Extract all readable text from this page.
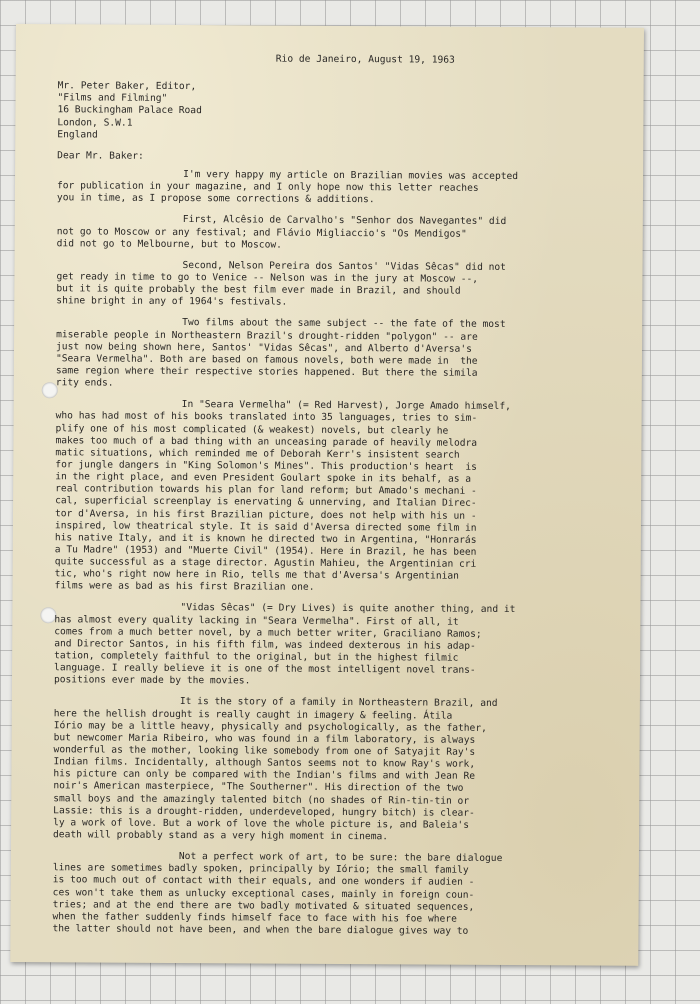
Rio de Janeiro, August 19, 1963
Mr. Peter Baker, Editor,
"Films and Filming"
16 Buckingham Palace Road
London, S.W.1
England
Dear Mr. Baker:
I'm very happy my article on Brazilian movies was accepted
for publication in your magazine, and I only hope now this letter reaches
you in time, as I propose some corrections & additions.
First, Alcêsio de Carvalho's "Senhor dos Navegantes" did
not go to Moscow or any festival; and Flávio Migliaccio's "Os Mendigos"
did not go to Melbourne, but to Moscow.
Second, Nelson Pereira dos Santos' "Vidas Sêcas" did not
get ready in time to go to Venice -- Nelson was in the jury at Moscow --,
but it is quite probably the best film ever made in Brazil, and should
shine bright in any of 1964's festivals.
Two films about the same subject -- the fate of the most
miserable people in Northeastern Brazil's drought-ridden "polygon" -- are
just now being shown here, Santos' "Vidas Sêcas", and Alberto d'Aversa's
"Seara Vermelha". Both are based on famous novels, both were made in  the
same region where their respective stories happened. But there the simila
rity ends.
In "Seara Vermelha" (= Red Harvest), Jorge Amado himself,
who has had most of his books translated into 35 languages, tries to sim-
plify one of his most complicated (& weakest) novels, but clearly he
makes too much of a bad thing with an unceasing parade of heavily melodra
matic situations, which reminded me of Deborah Kerr's insistent search
for jungle dangers in "King Solomon's Mines". This production's heart  is
in the right place, and even President Goulart spoke in its behalf, as a
real contribution towards his plan for land reform; but Amado's mechani -
cal, superficial screenplay is enervating & unnerving, and Italian Direc-
tor d'Aversa, in his first Brazilian picture, does not help with his un -
inspired, low theatrical style. It is said d'Aversa directed some film in
his native Italy, and it is known he directed two in Argentina, "Honrarás
a Tu Madre" (1953) and "Muerte Civil" (1954). Here in Brazil, he has been
quite successful as a stage director. Agustin Mahieu, the Argentinian cri
tic, who's right now here in Rio, tells me that d'Aversa's Argentinian
films were as bad as his first Brazilian one.
"Vidas Sêcas" (= Dry Lives) is quite another thing, and it
has almost every quality lacking in "Seara Vermelha". First of all, it
comes from a much better novel, by a much better writer, Graciliano Ramos;
and Director Santos, in his fifth film, was indeed dexterous in his adap-
tation, completely faithful to the original, but in the highest filmic
language. I really believe it is one of the most intelligent novel trans-
positions ever made by the movies.
It is the story of a family in Northeastern Brazil, and
here the hellish drought is really caught in imagery & feeling. Átila
Iório may be a little heavy, physically and psychologically, as the father,
but newcomer Maria Ribeiro, who was found in a film laboratory, is always
wonderful as the mother, looking like somebody from one of Satyajit Ray's
Indian films. Incidentally, although Santos seems not to know Ray's work,
his picture can only be compared with the Indian's films and with Jean Re
noir's American masterpiece, "The Southerner". His direction of the two
small boys and the amazingly talented bitch (no shades of Rin-tin-tin or
Lassie: this is a drought-ridden, underdeveloped, hungry bitch) is clear-
ly a work of love. But a work of love the whole picture is, and Baleia's
death will probably stand as a very high moment in cinema.
Not a perfect work of art, to be sure: the bare dialogue
lines are sometimes badly spoken, principally by Iório; the small family
is too much out of contact with their equals, and one wonders if audien -
ces won't take them as unlucky exceptional cases, mainly in foreign coun-
tries; and at the end there are two badly motivated & situated sequences,
when the father suddenly finds himself face to face with his foe where
the latter should not have been, and when the bare dialogue gives way to
